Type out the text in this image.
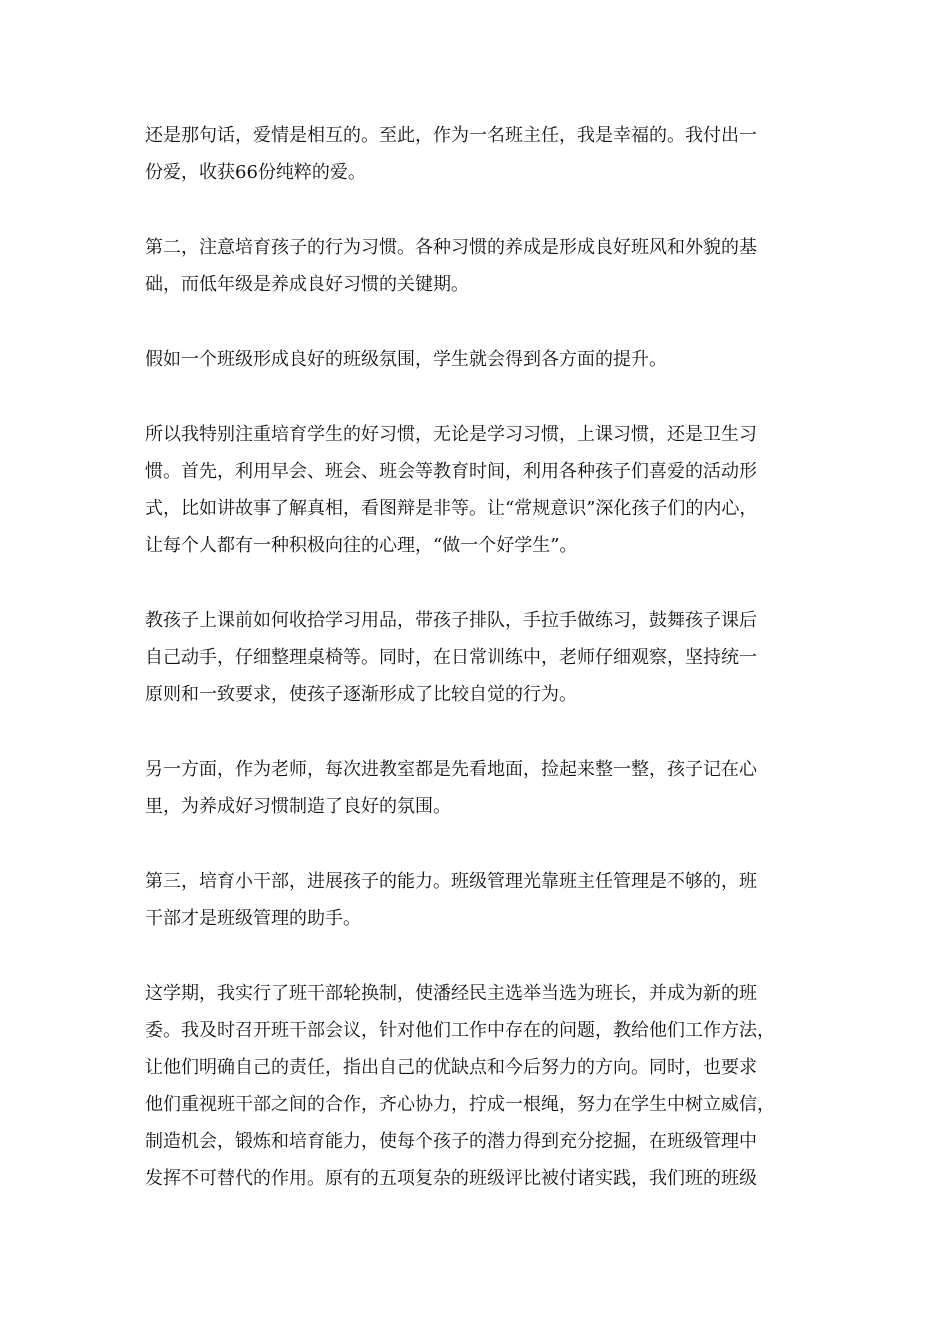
还是那句话，爱情是相互的。至此，作为一名班主任，我是幸福的。我付出一
份爱，收获66份纯粹的爱。

第二，注意培育孩子的行为习惯。各种习惯的养成是形成良好班风和外貌的基
础，而低年级是养成良好习惯的关键期。

假如一个班级形成良好的班级氛围，学生就会得到各方面的提升。

所以我特别注重培育学生的好习惯，无论是学习习惯，上课习惯，还是卫生习
惯。首先，利用早会、班会、班会等教育时间，利用各种孩子们喜爱的活动形
式，比如讲故事了解真相，看图辩是非等。让“常规意识”深化孩子们的内心，
让每个人都有一种积极向往的心理，“做一个好学生”。

教孩子上课前如何收拾学习用品，带孩子排队，手拉手做练习，鼓舞孩子课后
自己动手，仔细整理桌椅等。同时，在日常训练中，老师仔细观察，坚持统一
原则和一致要求，使孩子逐渐形成了比较自觉的行为。

另一方面，作为老师，每次进教室都是先看地面，捡起来整一整，孩子记在心
里，为养成好习惯制造了良好的氛围。

第三，培育小干部，进展孩子的能力。班级管理光靠班主任管理是不够的，班
干部才是班级管理的助手。

这学期，我实行了班干部轮换制，使潘经民主选举当选为班长，并成为新的班
委。我及时召开班干部会议，针对他们工作中存在的问题，教给他们工作方法，
让他们明确自己的责任，指出自己的优缺点和今后努力的方向。同时，也要求
他们重视班干部之间的合作，齐心协力，拧成一根绳，努力在学生中树立威信，
制造机会，锻炼和培育能力，使每个孩子的潜力得到充分挖掘，在班级管理中
发挥不可替代的作用。原有的五项复杂的班级评比被付诸实践，我们班的班级
